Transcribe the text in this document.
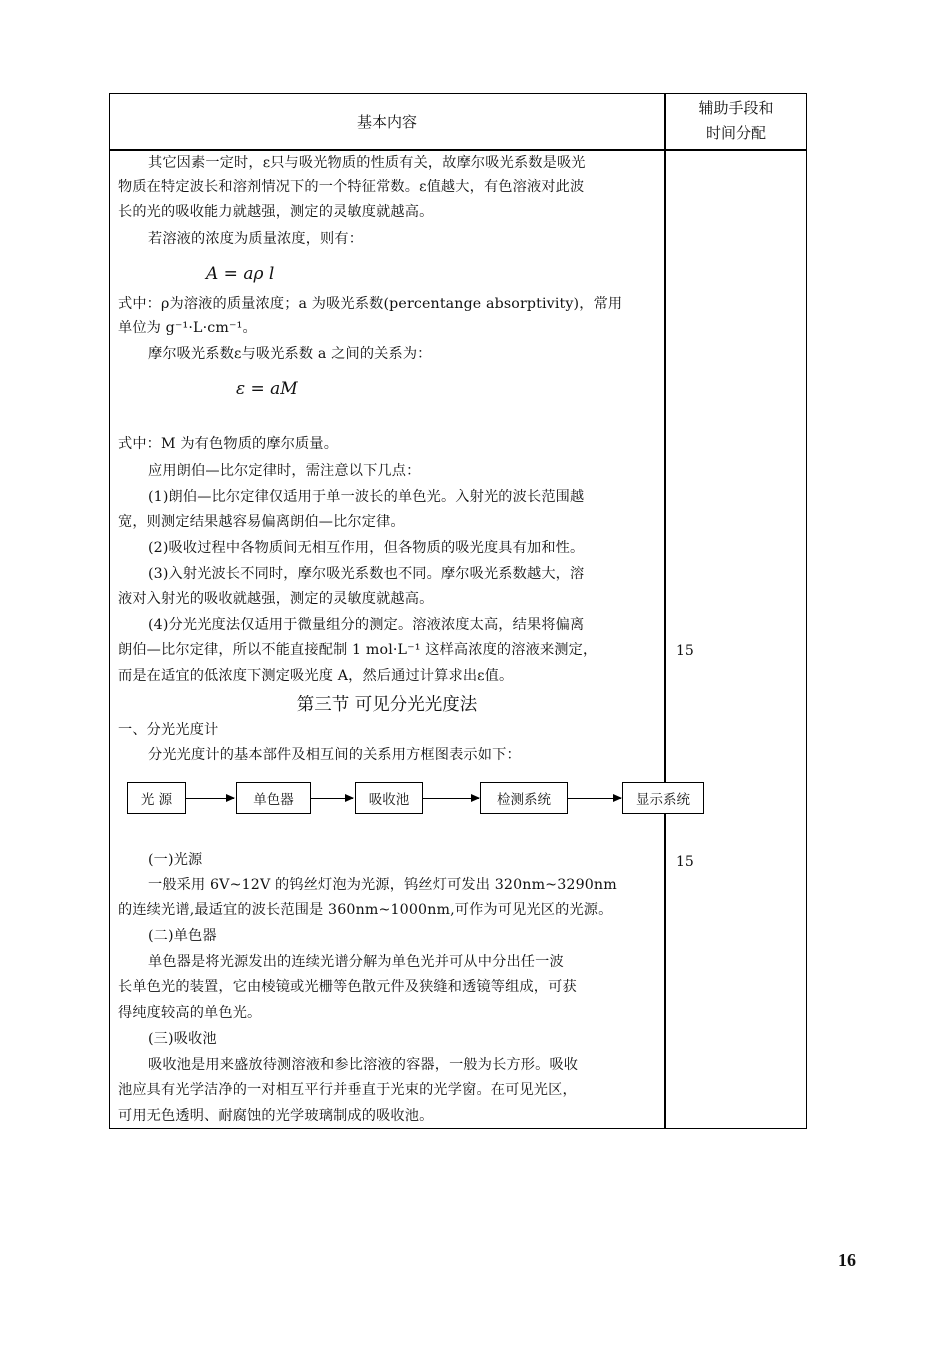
基本内容
辅助手段和
时间分配
其它因素一定时，ε只与吸光物质的性质有关，故摩尔吸光系数是吸光
物质在特定波长和溶剂情况下的一个特征常数。ε值越大，有色溶液对此波
长的光的吸收能力就越强，测定的灵敏度就越高。
若溶液的浓度为质量浓度，则有：
A = aρ l
式中：ρ为溶液的质量浓度；a 为吸光系数(percentange absorptivity)，常用
单位为 g⁻¹·L·cm⁻¹。
摩尔吸光系数ε与吸光系数 a 之间的关系为：
ε = aM
式中：M 为有色物质的摩尔质量。
应用朗伯—比尔定律时，需注意以下几点：
(1)朗伯—比尔定律仅适用于单一波长的单色光。入射光的波长范围越
宽，则测定结果越容易偏离朗伯—比尔定律。
(2)吸收过程中各物质间无相互作用，但各物质的吸光度具有加和性。
(3)入射光波长不同时，摩尔吸光系数也不同。摩尔吸光系数越大，溶
液对入射光的吸收就越强，测定的灵敏度就越高。
(4)分光光度法仅适用于微量组分的测定。溶液浓度太高，结果将偏离
朗伯—比尔定律，所以不能直接配制 1 mol·L⁻¹ 这样高浓度的溶液来测定，
而是在适宜的低浓度下测定吸光度 A，然后通过计算求出ε值。
第三节 可见分光光度法
一、分光光度计
分光光度计的基本部件及相互间的关系用方框图表示如下：
15
(一)光源
一般采用 6V~12V 的钨丝灯泡为光源，钨丝灯可发出 320nm~3290nm
的连续光谱,最适宜的波长范围是 360nm~1000nm,可作为可见光区的光源。
(二)单色器
单色器是将光源发出的连续光谱分解为单色光并可从中分出任一波
长单色光的装置，它由棱镜或光栅等色散元件及狭缝和透镜等组成，可获
得纯度较高的单色光。
(三)吸收池
吸收池是用来盛放待测溶液和参比溶液的容器，一般为长方形。吸收
池应具有光学洁净的一对相互平行并垂直于光束的光学窗。在可见光区，
可用无色透明、耐腐蚀的光学玻璃制成的吸收池。
15
光 源	单色器	吸收池	检测系统	显示系统
16
